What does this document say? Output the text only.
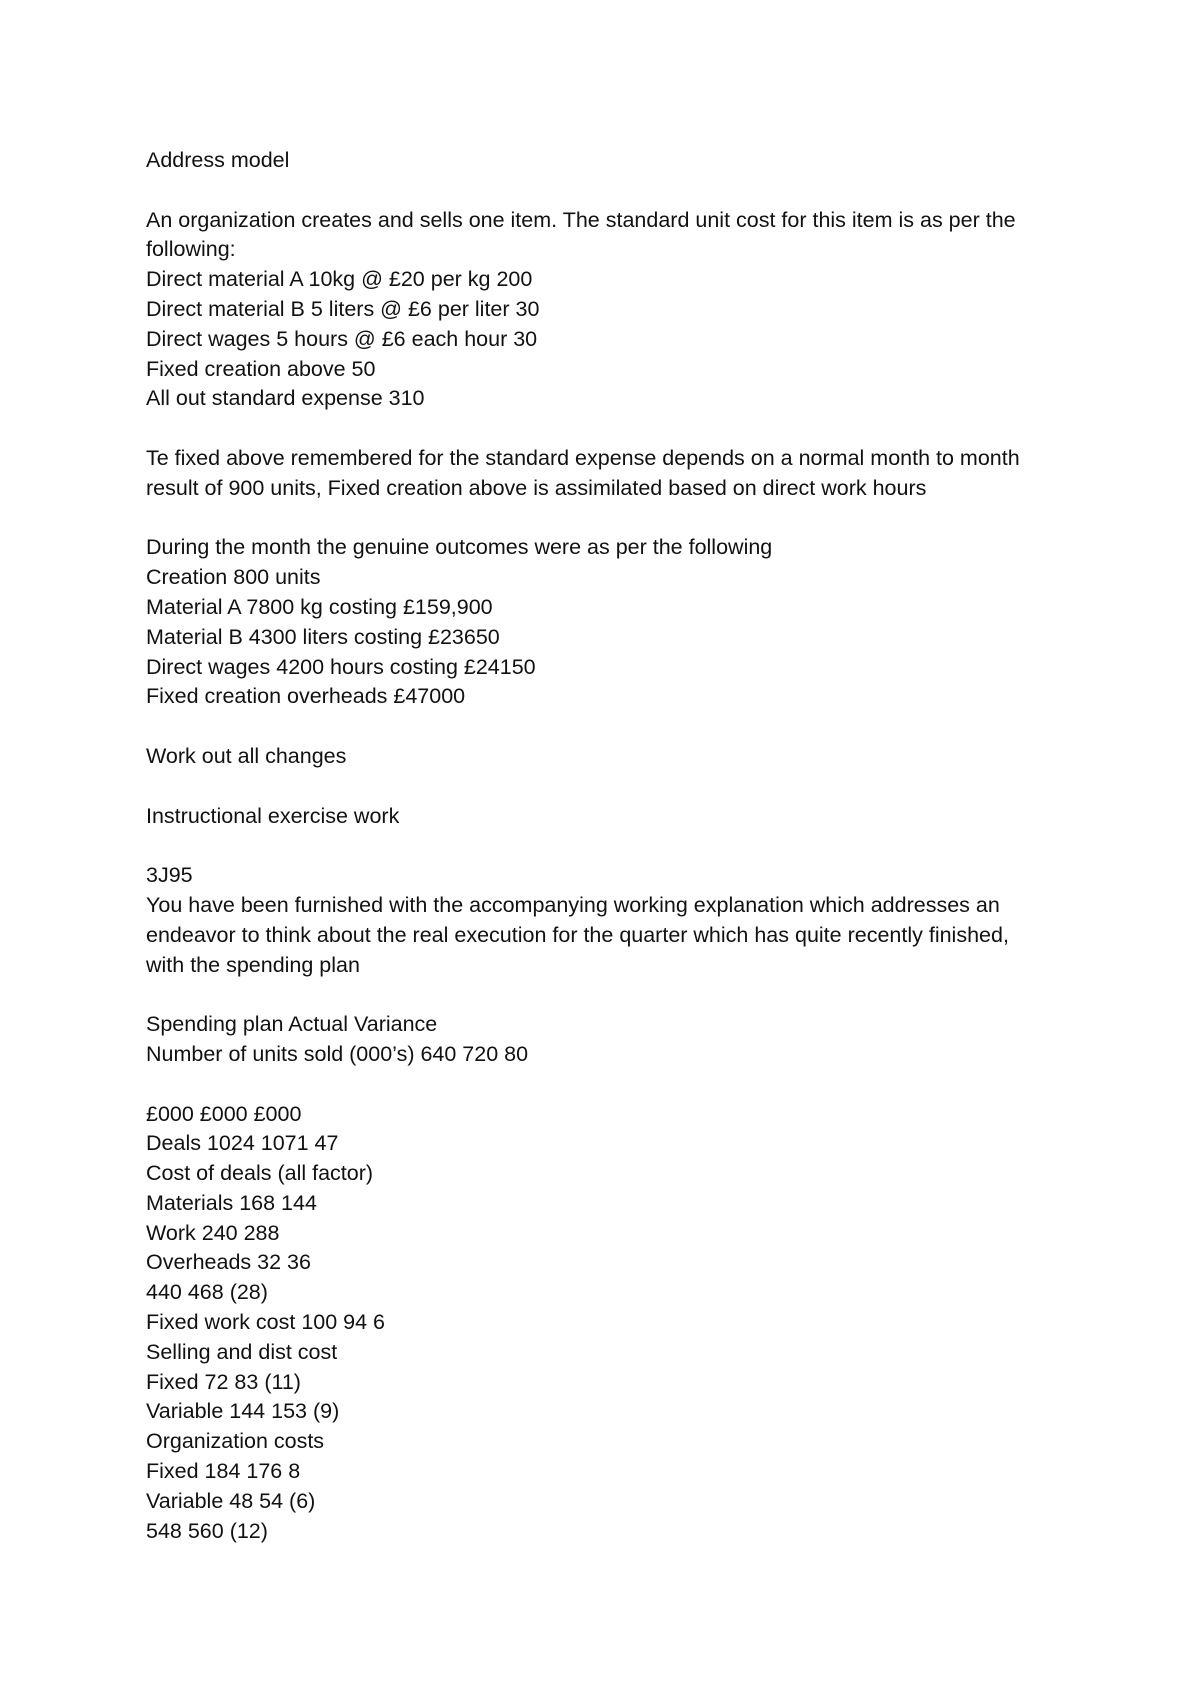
Address model
An organization creates and sells one item. The standard unit cost for this item is as per the
following:
Direct material A 10kg @ £20 per kg 200
Direct material B 5 liters @ £6 per liter 30
Direct wages 5 hours @ £6 each hour 30
Fixed creation above 50
All out standard expense 310
Te fixed above remembered for the standard expense depends on a normal month to month
result of 900 units, Fixed creation above is assimilated based on direct work hours
During the month the genuine outcomes were as per the following
Creation 800 units
Material A 7800 kg costing £159,900
Material B 4300 liters costing £23650
Direct wages 4200 hours costing £24150
Fixed creation overheads £47000
Work out all changes
Instructional exercise work
3J95
You have been furnished with the accompanying working explanation which addresses an
endeavor to think about the real execution for the quarter which has quite recently finished,
with the spending plan
Spending plan Actual Variance
Number of units sold (000’s) 640 720 80
£000 £000 £000
Deals 1024 1071 47
Cost of deals (all factor)
Materials 168 144
Work 240 288
Overheads 32 36
440 468 (28)
Fixed work cost 100 94 6
Selling and dist cost
Fixed 72 83 (11)
Variable 144 153 (9)
Organization costs
Fixed 184 176 8
Variable 48 54 (6)
548 560 (12)
